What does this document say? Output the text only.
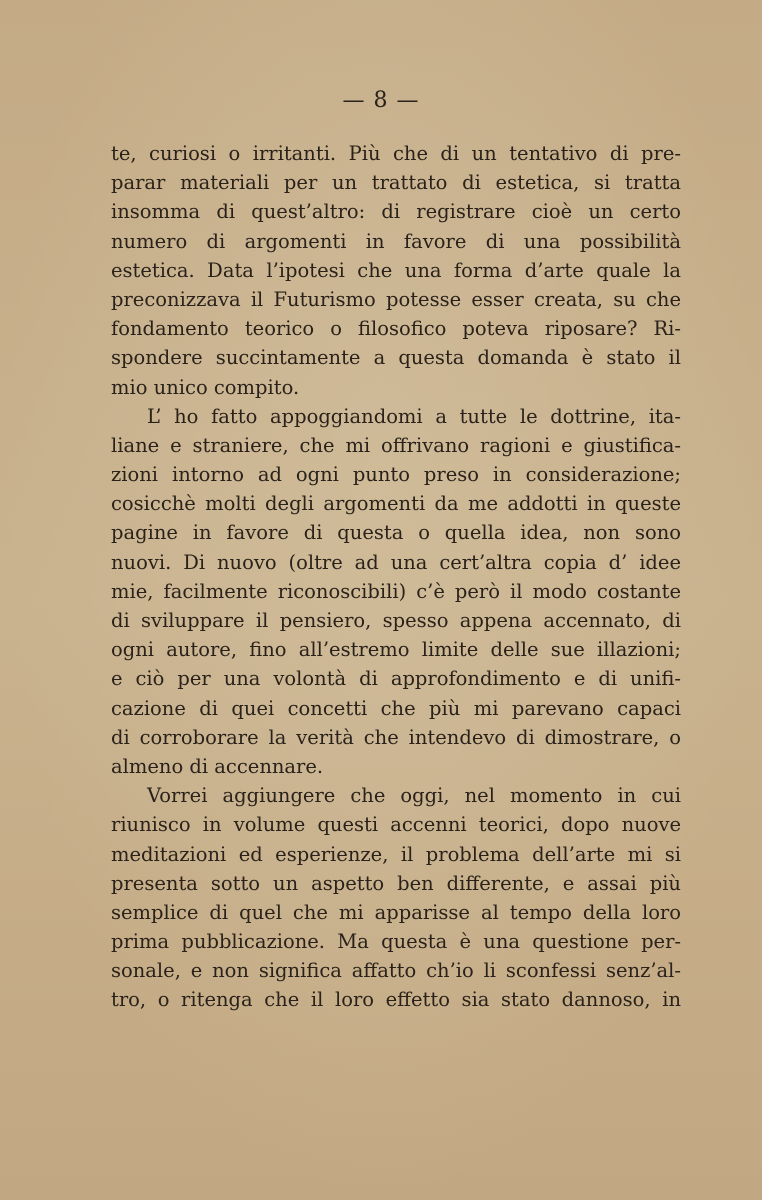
— 8 —
te, curiosi o irritanti. Più che di un tentativo di pre-
parar materiali per un trattato di estetica, si tratta
insomma di quest’altro: di registrare cioè un certo
numero di argomenti in favore di una possibilità
estetica. Data l’ipotesi che una forma d’arte quale la
preconizzava il Futurismo potesse esser creata, su che
fondamento teorico o filosofico poteva riposare? Ri-
spondere succintamente a questa domanda è stato il
mio unico compito.
L’ ho fatto appoggiandomi a tutte le dottrine, ita-
liane e straniere, che mi offrivano ragioni e giustifica-
zioni intorno ad ogni punto preso in considerazione;
cosicchè molti degli argomenti da me addotti in queste
pagine in favore di questa o quella idea, non sono
nuovi. Di nuovo (oltre ad una cert’altra copia d’ idee
mie, facilmente riconoscibili) c’è però il modo costante
di sviluppare il pensiero, spesso appena accennato, di
ogni autore, fino all’estremo limite delle sue illazioni;
e ciò per una volontà di approfondimento e di unifi-
cazione di quei concetti che più mi parevano capaci
di corroborare la verità che intendevo di dimostrare, o
almeno di accennare.
Vorrei aggiungere che oggi, nel momento in cui
riunisco in volume questi accenni teorici, dopo nuove
meditazioni ed esperienze, il problema dell’arte mi si
presenta sotto un aspetto ben differente, e assai più
semplice di quel che mi apparisse al tempo della loro
prima pubblicazione. Ma questa è una questione per-
sonale, e non significa affatto ch’io li sconfessi senz’al-
tro, o ritenga che il loro effetto sia stato dannoso, in
